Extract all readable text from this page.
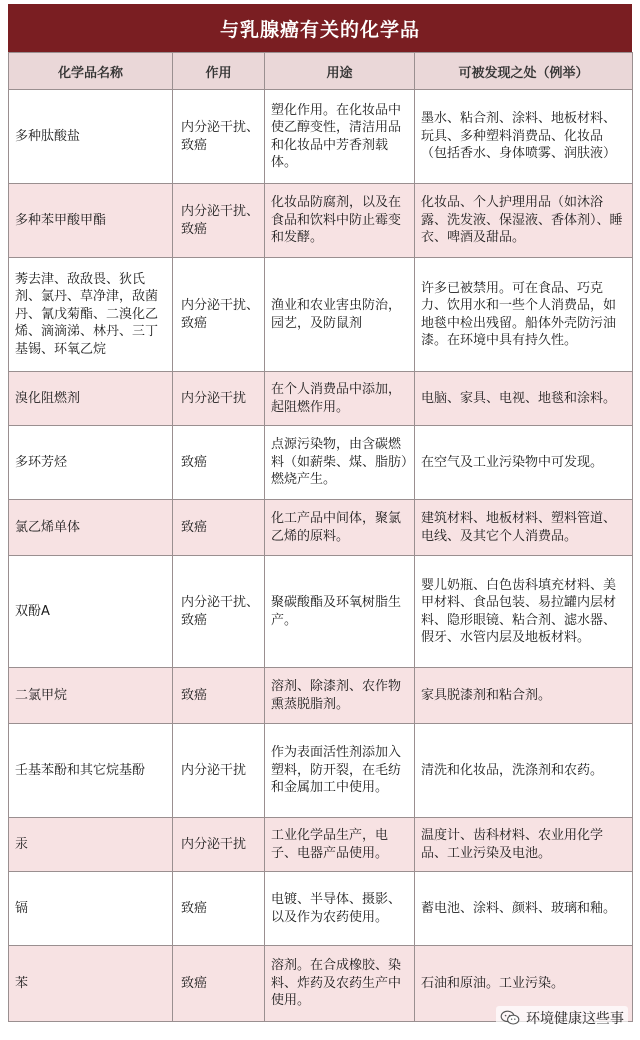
与乳腺癌有关的化学品
化学品名称	作用	用途	可被发现之处（例举）
多种肽酸盐	内分泌干扰、致癌	塑化作用。在化妆品中使乙醇变性，清洁用品和化妆品中芳香剂载体。	墨水、粘合剂、涂料、地板材料、玩具、多种塑料消费品、化妆品（包括香水、身体喷雾、润肤液）
多种苯甲酸甲酯	内分泌干扰、致癌	化妆品防腐剂，以及在食品和饮料中防止霉变和发酵。	化妆品、个人护理用品（如沐浴露、洗发液、保湿液、香体剂）、睡衣、啤酒及甜品。
莠去津、敌敌畏、狄氏剂、氯丹、草净津，敌菌丹、氰戊菊酯、二溴化乙烯、滴滴涕、林丹、三丁基锡、环氧乙烷	内分泌干扰、致癌	渔业和农业害虫防治，园艺，及防鼠剂	许多已被禁用。可在食品、巧克力、饮用水和一些个人消费品，如地毯中检出残留。船体外壳防污油漆。在环境中具有持久性。
溴化阻燃剂	内分泌干扰	在个人消费品中添加，起阻燃作用。	电脑、家具、电视、地毯和涂料。
多环芳烃	致癌	点源污染物，由含碳燃料（如薪柴、煤、脂肪）燃烧产生。	在空气及工业污染物中可发现。
氯乙烯单体	致癌	化工产品中间体，聚氯乙烯的原料。	建筑材料、地板材料、塑料管道、电线、及其它个人消费品。
双酚A	内分泌干扰、致癌	聚碳酸酯及环氧树脂生产。	婴儿奶瓶、白色齿科填充材料、美甲材料、食品包装、易拉罐内层材料、隐形眼镜、粘合剂、滤水器、假牙、水管内层及地板材料。
二氯甲烷	致癌	溶剂、除漆剂、农作物熏蒸脱脂剂。	家具脱漆剂和粘合剂。
壬基苯酚和其它烷基酚	内分泌干扰	作为表面活性剂添加入塑料，防开裂，在毛纺和金属加工中使用。	清洗和化妆品，洗涤剂和农药。
汞	内分泌干扰	工业化学品生产，电子、电器产品使用。	温度计、齿科材料、农业用化学品、工业污染及电池。
镉	致癌	电镀、半导体、摄影、以及作为农药使用。	蓄电池、涂料、颜料、玻璃和釉。
苯	致癌	溶剂。在合成橡胶、染料、炸药及农药生产中使用。	石油和原油。工业污染。
环境健康这些事
